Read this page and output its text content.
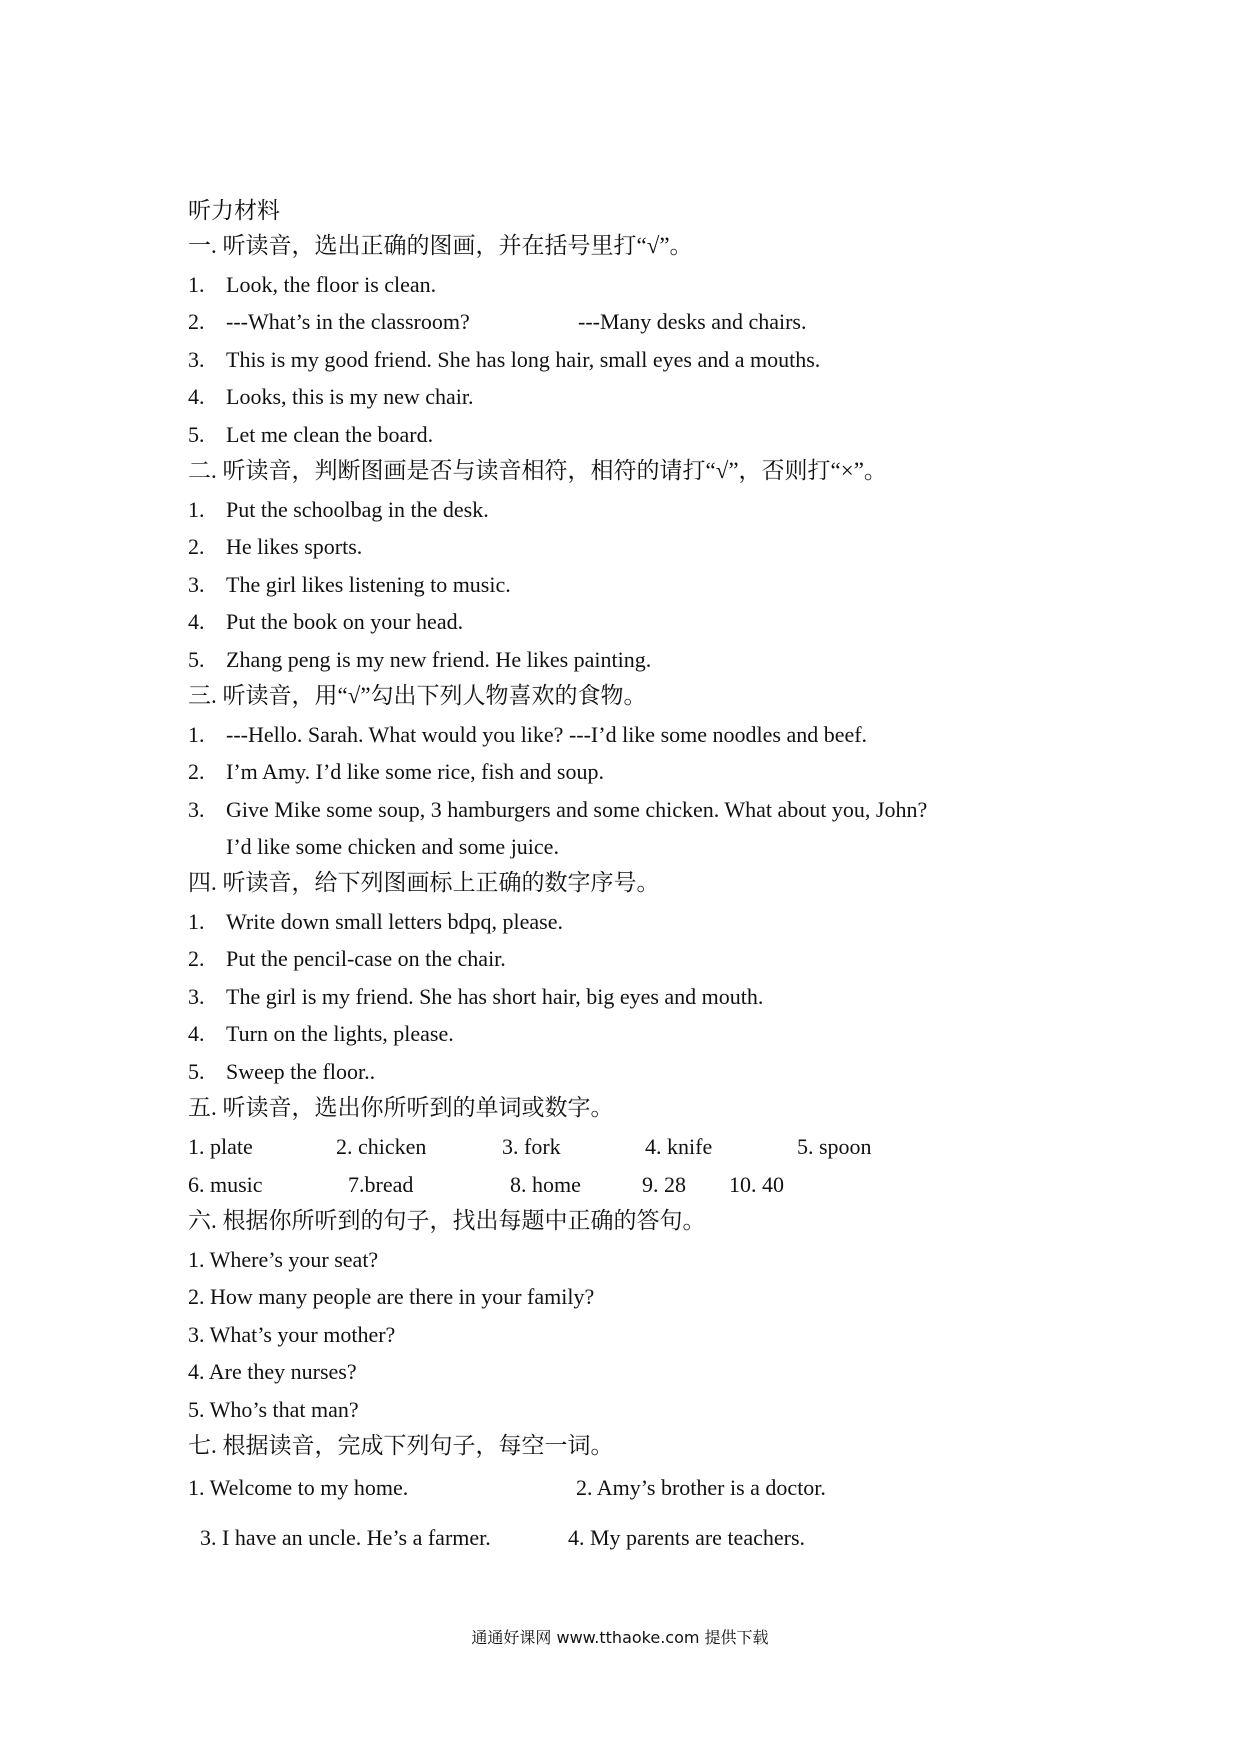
听力材料
一. 听读音，选出正确的图画，并在括号里打“√”。
1. Look, the floor is clean.
2. ---What’s in the classroom?	---Many desks and chairs.
3. This is my good friend. She has long hair, small eyes and a mouths.
4. Looks, this is my new chair.
5. Let me clean the board.
二. 听读音，判断图画是否与读音相符，相符的请打“√”，否则打“×”。
1. Put the schoolbag in the desk.
2. He likes sports.
3. The girl likes listening to music.
4. Put the book on your head.
5. Zhang peng is my new friend. He likes painting.
三. 听读音，用“√”勾出下列人物喜欢的食物。
1. ---Hello. Sarah. What would you like? ---I’d like some noodles and beef.
2. I’m Amy. I’d like some rice, fish and soup.
3. Give Mike some soup, 3 hamburgers and some chicken. What about you, John?
I’d like some chicken and some juice.
四. 听读音，给下列图画标上正确的数字序号。
1. Write down small letters bdpq, please.
2. Put the pencil-case on the chair.
3. The girl is my friend. She has short hair, big eyes and mouth.
4. Turn on the lights, please.
5. Sweep the floor..
五. 听读音，选出你所听到的单词或数字。
1. plate	2. chicken	3. fork	4. knife	5. spoon
6. music	7.bread	8. home	9. 28 10. 40
六. 根据你所听到的句子，找出每题中正确的答句。
1. Where’s your seat?
2. How many people are there in your family?
3. What’s your mother?
4. Are they nurses?
5. Who’s that man?
七. 根据读音，完成下列句子，每空一词。
1. Welcome to my home.	2. Amy’s brother is a doctor.
3. I have an uncle. He’s a farmer.	4. My parents are teachers.
通通好课网 www.tthaoke.com 提供下载
